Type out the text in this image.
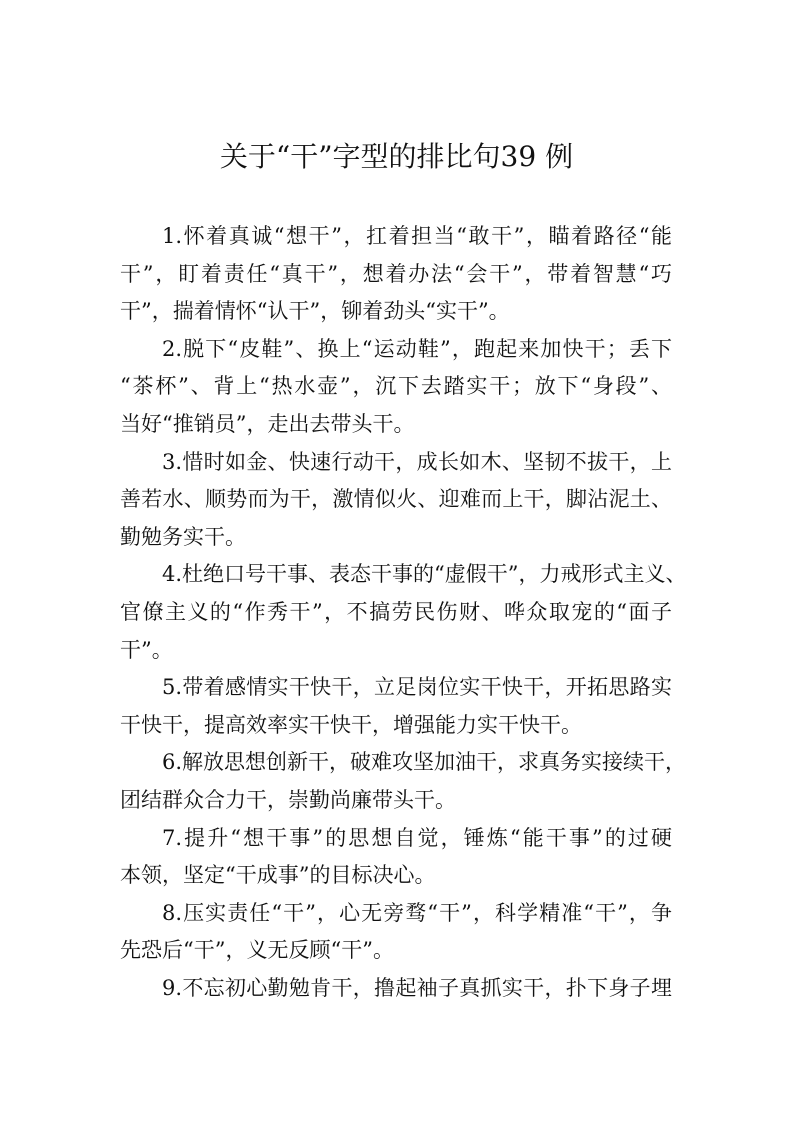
关于“干”字型的排比句39 例
1.怀着真诚“想干”，扛着担当“敢干”，瞄着路径“能
干”，盯着责任“真干”，想着办法“会干”，带着智慧“巧
干”，揣着情怀“认干”，铆着劲头“实干”。
2.脱下“皮鞋”、换上“运动鞋”，跑起来加快干；丢下
“茶杯”、背上“热水壶”，沉下去踏实干；放下“身段”、
当好“推销员”，走出去带头干。
3.惜时如金、快速行动干，成长如木、坚韧不拔干，上
善若水、顺势而为干，激情似火、迎难而上干，脚沾泥土、
勤勉务实干。
4.杜绝口号干事、表态干事的“虚假干”，力戒形式主义、
官僚主义的“作秀干”，不搞劳民伤财、哗众取宠的“面子
干”。
5.带着感情实干快干，立足岗位实干快干，开拓思路实
干快干，提高效率实干快干，增强能力实干快干。
6.解放思想创新干，破难攻坚加油干，求真务实接续干，
团结群众合力干，崇勤尚廉带头干。
7.提升“想干事”的思想自觉，锤炼“能干事”的过硬
本领，坚定“干成事”的目标决心。
8.压实责任“干”，心无旁骛“干”，科学精准“干”，争
先恐后“干”，义无反顾“干”。
9.不忘初心勤勉肯干，撸起袖子真抓实干，扑下身子埋
